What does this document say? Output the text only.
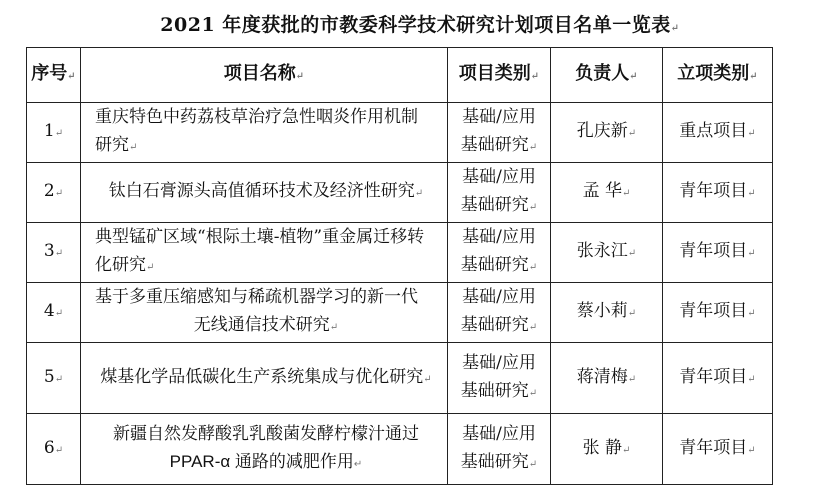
2021 年度获批的市教委科学技术研究计划项目名单一览表↵
序号↵	项目名称↵	项目类别↵	负责人↵	立项类别↵
1↵	重庆特色中药荔枝草治疗急性咽炎作用机制
研究↵	基础/应用
基础研究↵	孔庆新↵	重点项目↵
2↵	钛白石膏源头高值循环技术及经济性研究↵	基础/应用
基础研究↵	孟 华↵	青年项目↵
3↵	典型锰矿区域“根际土壤-植物”重金属迁移转
化研究↵	基础/应用
基础研究↵	张永江↵	青年项目↵
4↵	基于多重压缩感知与稀疏机器学习的新一代
无线通信技术研究↵	基础/应用
基础研究↵	蔡小莉↵	青年项目↵
5↵	煤基化学品低碳化生产系统集成与优化研究↵	基础/应用
基础研究↵	蒋清梅↵	青年项目↵
6↵	新疆自然发酵酸乳乳酸菌发酵柠檬汁通过
PPAR-α 通路的减肥作用↵	基础/应用
基础研究↵	张 静↵	青年项目↵
